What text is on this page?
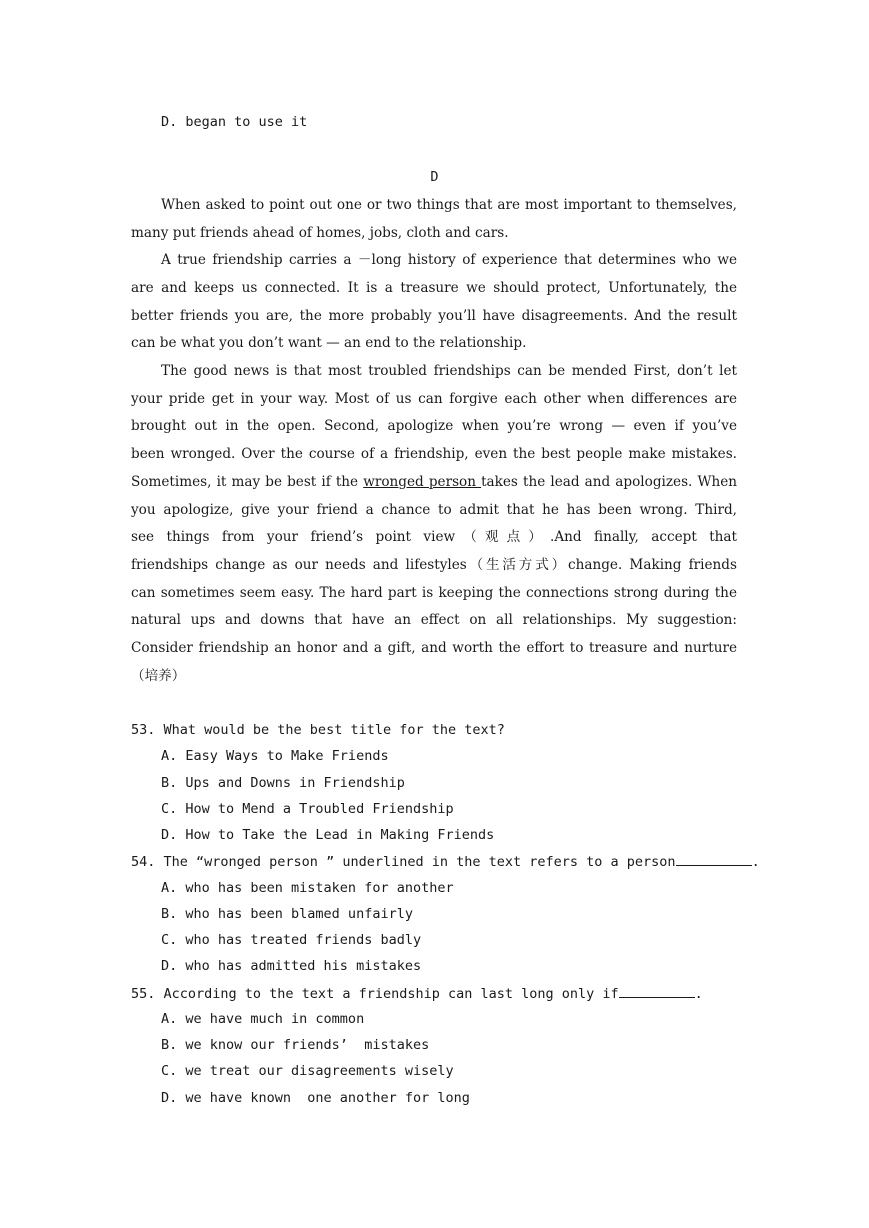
D. began to use it

D

When asked to point out one or two things that are most important to themselves,

many put friends ahead of homes, jobs, cloth and cars.

A true friendship carries a －long history of experience that determines who we

are and keeps us connected. It is a treasure we should protect, Unfortunately, the

better friends you are, the more probably you’ll have disagreements. And the result

can be what you don’t want — an end to the relationship.

The good news is that most troubled friendships can be mended First, don’t let

your pride get in your way. Most of us can forgive each other when differences are

brought out in the open. Second, apologize when you’re wrong — even if you’ve

been wronged. Over the course of a friendship, even the best people make mistakes.

Sometimes, it may be best if the wronged person takes the lead and apologizes. When

you apologize, give your friend a chance to admit that he has been wrong. Third,

see things from your friend’s point view（观点）.And finally, accept that

friendships change as our needs and lifestyles（生活方式）change. Making friends

can sometimes seem easy. The hard part is keeping the connections strong during the

natural ups and downs that have an effect on all relationships. My suggestion:

Consider friendship an honor and a gift, and worth the effort to treasure and nurture

（培养）

53. What would be the best title for the text?

A. Easy Ways to Make Friends

B. Ups and Downs in Friendship

C. How to Mend a Troubled Friendship

D. How to Take the Lead in Making Friends

54. The “wronged person ” underlined in the text refers to a person	.

A. who has been mistaken for another

B. who has been blamed unfairly

C. who has treated friends badly

D. who has admitted his mistakes

55. According to the text a friendship can last long only if	.

A. we have much in common

B. we know our friends’  mistakes

C. we treat our disagreements wisely

D. we have known  one another for long
